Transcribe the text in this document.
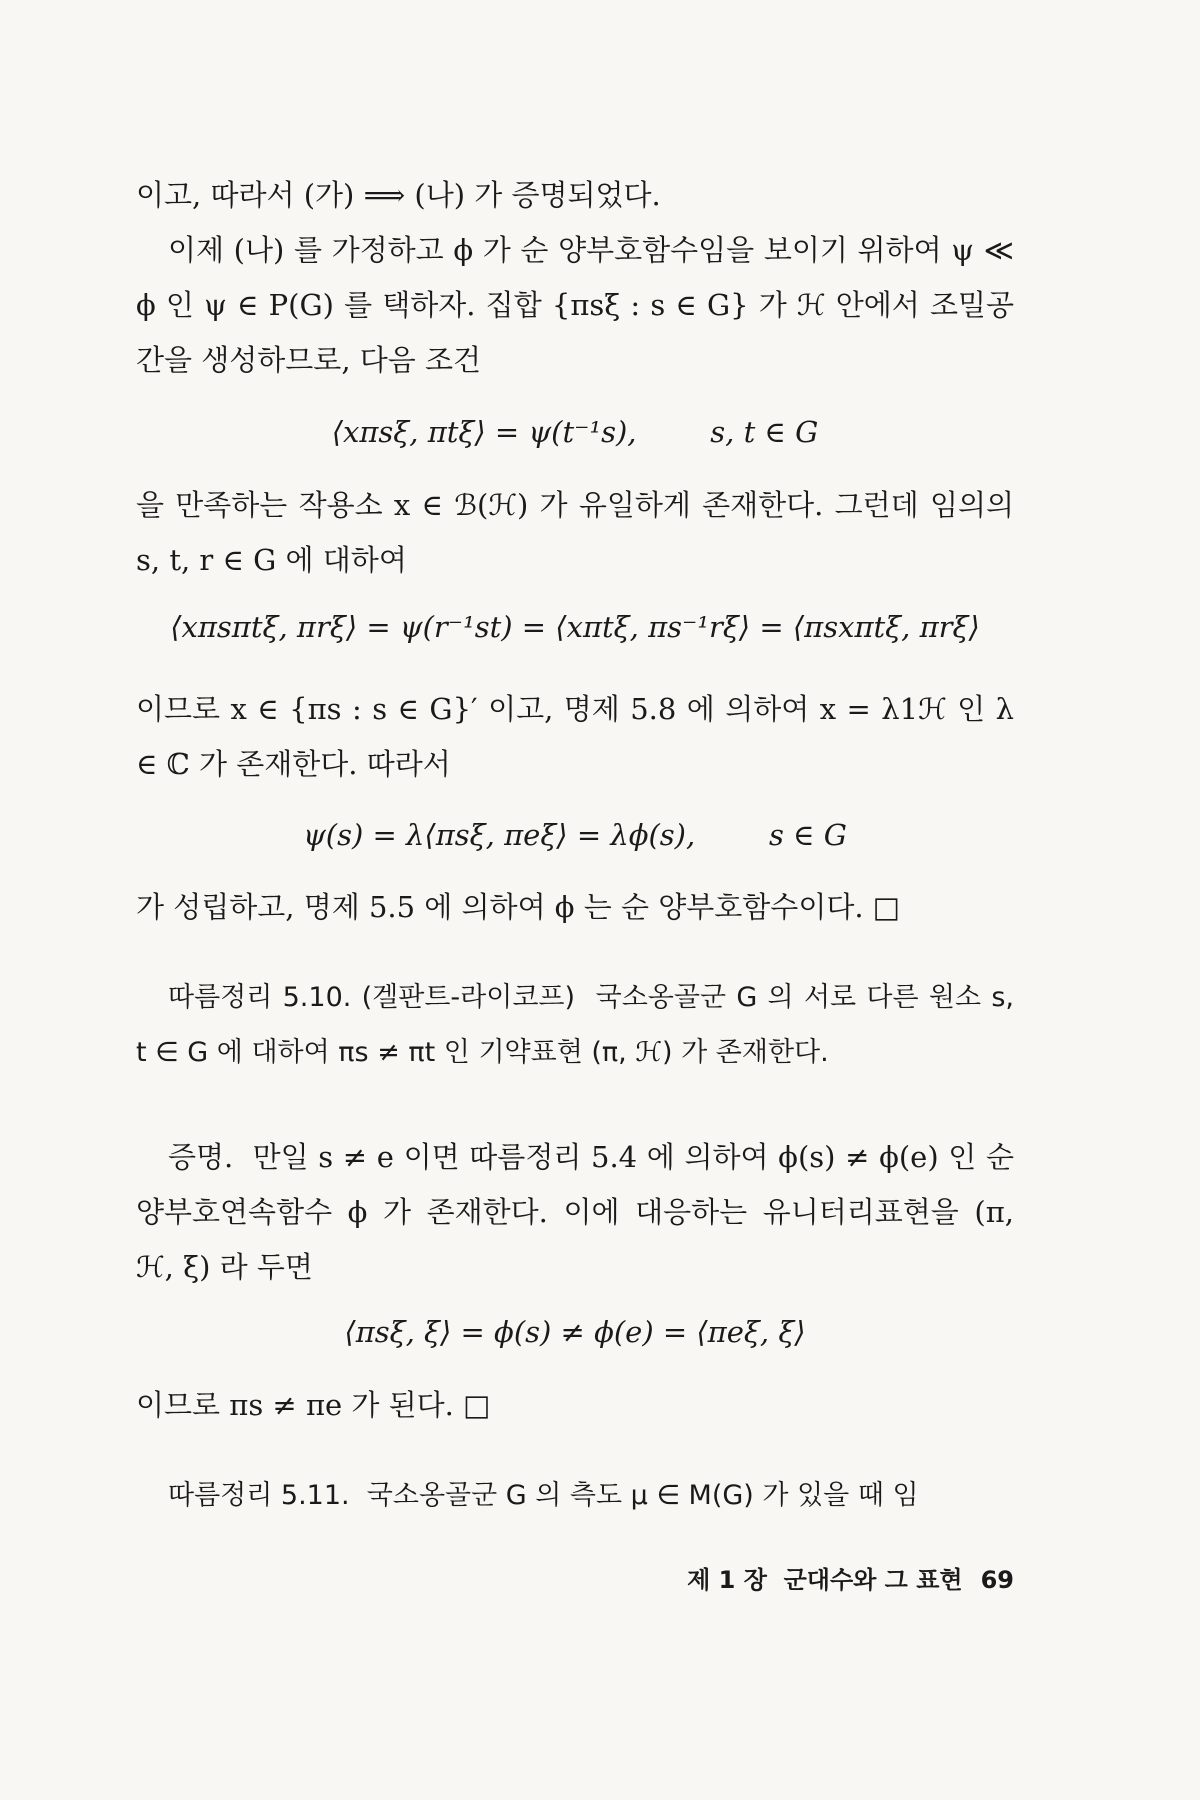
이고, 따라서 (가) ⟹ (나) 가 증명되었다.

이제 (나) 를 가정하고 ϕ 가 순 양부호함수임을 보이기 위하여 ψ ≪ ϕ 인 ψ ∈ P(G) 를 택하자. 집합 {πsξ : s ∈ G} 가 ℋ 안에서 조밀공간을 생성하므로, 다음 조건

⟨xπsξ, πtξ⟩ = ψ(t⁻¹s),        s, t ∈ G

을 만족하는 작용소 x ∈ ℬ(ℋ) 가 유일하게 존재한다. 그런데 임의의 s, t, r ∈ G 에 대하여

⟨xπsπtξ, πrξ⟩ = ψ(r⁻¹st) = ⟨xπtξ, πs⁻¹rξ⟩ = ⟨πsxπtξ, πrξ⟩

이므로 x ∈ {πs : s ∈ G}′ 이고, 명제 5.8 에 의하여 x = λ1ℋ 인 λ ∈ ℂ 가 존재한다. 따라서

ψ(s) = λ⟨πsξ, πeξ⟩ = λϕ(s),        s ∈ G

가 성립하고, 명제 5.5 에 의하여 ϕ 는 순 양부호함수이다. □

따름정리 5.10. (겔판트-라이코프)  국소옹골군 G 의 서로 다른 원소 s, t ∈ G 에 대하여 πs ≠ πt 인 기약표현 (π, ℋ) 가 존재한다.

증명.  만일 s ≠ e 이면 따름정리 5.4 에 의하여 ϕ(s) ≠ ϕ(e) 인 순 양부호연속함수 ϕ 가 존재한다. 이에 대응하는 유니터리표현을 (π, ℋ, ξ) 라 두면

⟨πsξ, ξ⟩ = ϕ(s) ≠ ϕ(e) = ⟨πeξ, ξ⟩

이므로 πs ≠ πe 가 된다. □

따름정리 5.11.  국소옹골군 G 의 측도 μ ∈ M(G) 가 있을 때 임

제 1 장  군대수와 그 표현 69
